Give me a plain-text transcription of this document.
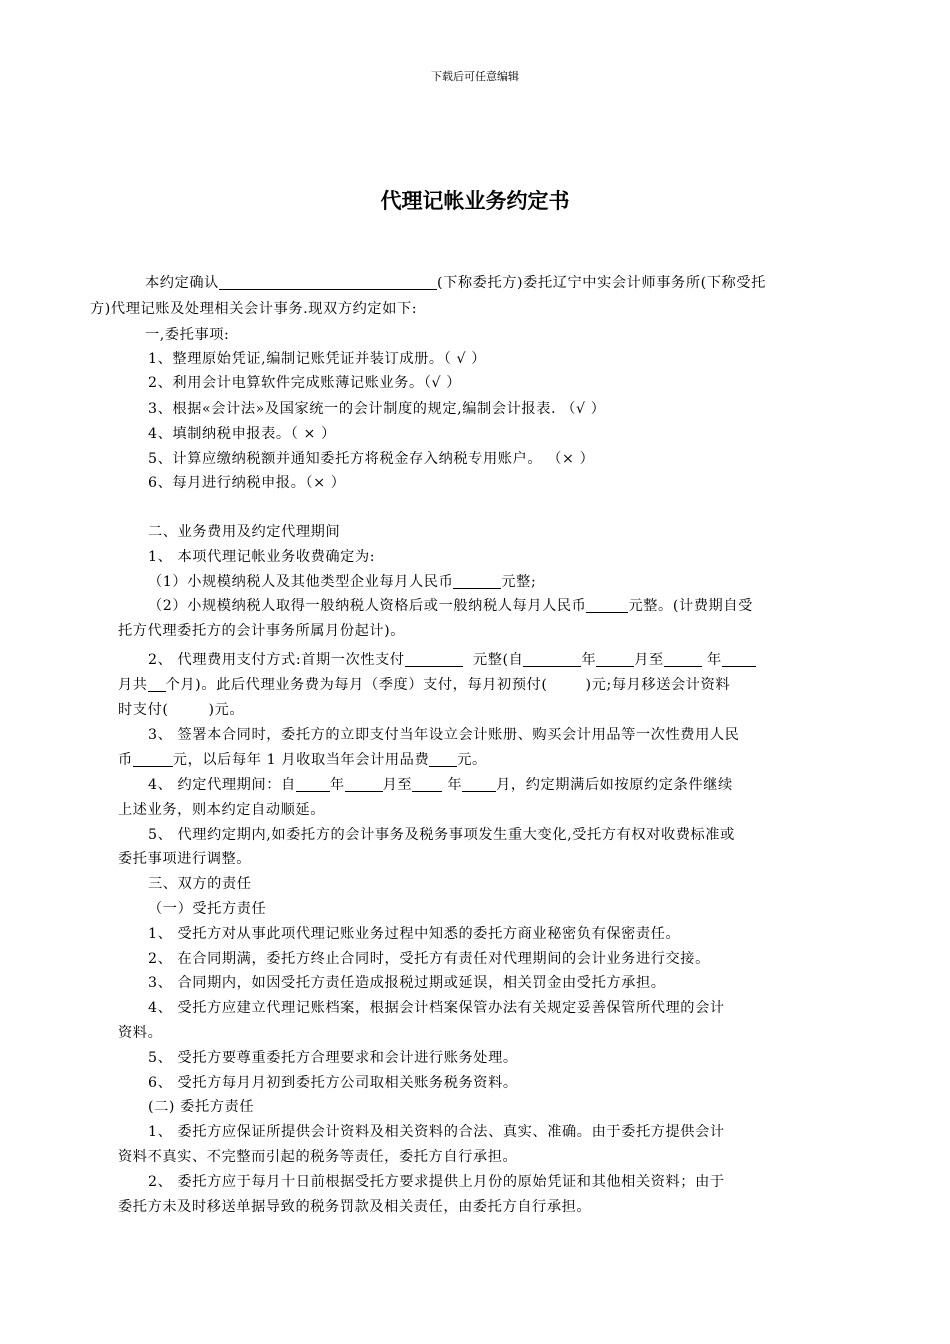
下载后可任意编辑
代理记帐业务约定书
本约定确认	(下称委托方)委托辽宁中实会计师事务所(下称受托
方)代理记账及处理相关会计事务.现双方约定如下:
一,委托事项:
1、整理原始凭证,编制记账凭证并装订成册。（ √ ）
2、利用会计电算软件完成账薄记账业务。（√ ）
3、根据«会计法»及国家统一的会计制度的规定,编制会计报表. （√ ）
4、填制纳税申报表。（ × ）
5、计算应缴纳税额并通知委托方将税金存入纳税专用账户。 （× ）
6、每月进行纳税申报。（× ）
二、业务费用及约定代理期间
1、 本项代理记帐业务收费确定为:
（1）小规模纳税人及其他类型企业每月人民币	元整;
（2）小规模纳税人取得一般纳税人资格后或一般纳税人每月人民币	元整。(计费期自受
托方代理委托方的会计事务所属月份起计)。
2、 代理费用支付方式:首期一次性支付	元整(自	年	月至	年
月共 个月)。此后代理业务费为每月（季度）支付，每月初预付(	)元;每月移送会计资料
时支付(	)元。
3、 签署本合同时，委托方的立即支付当年设立会计账册、购买会计用品等一次性费用人民
币	元，以后每年 1 月收取当年会计用品费 元。
4、 约定代理期间：自 年	月至 年 月，约定期满后如按原约定条件继续
上述业务，则本约定自动顺延。
5、 代理约定期内,如委托方的会计事务及税务事项发生重大变化,受托方有权对收费标准或
委托事项进行调整。
三、双方的责任
（一）受托方责任
1、 受托方对从事此项代理记账业务过程中知悉的委托方商业秘密负有保密责任。
2、 在合同期满，委托方终止合同时，受托方有责任对代理期间的会计业务进行交接。
3、 合同期内，如因受托方责任造成报税过期或延误，相关罚金由受托方承担。
4、 受托方应建立代理记账档案，根据会计档案保管办法有关规定妥善保管所代理的会计
资料。
5、 受托方要尊重委托方合理要求和会计进行账务处理。
6、 受托方每月月初到委托方公司取相关账务税务资料。
(二) 委托方责任
1、 委托方应保证所提供会计资料及相关资料的合法、真实、准确。由于委托方提供会计
资料不真实、不完整而引起的税务等责任，委托方自行承担。
2、 委托方应于每月十日前根据受托方要求提供上月份的原始凭证和其他相关资料；由于
委托方未及时移送单据导致的税务罚款及相关责任，由委托方自行承担。
